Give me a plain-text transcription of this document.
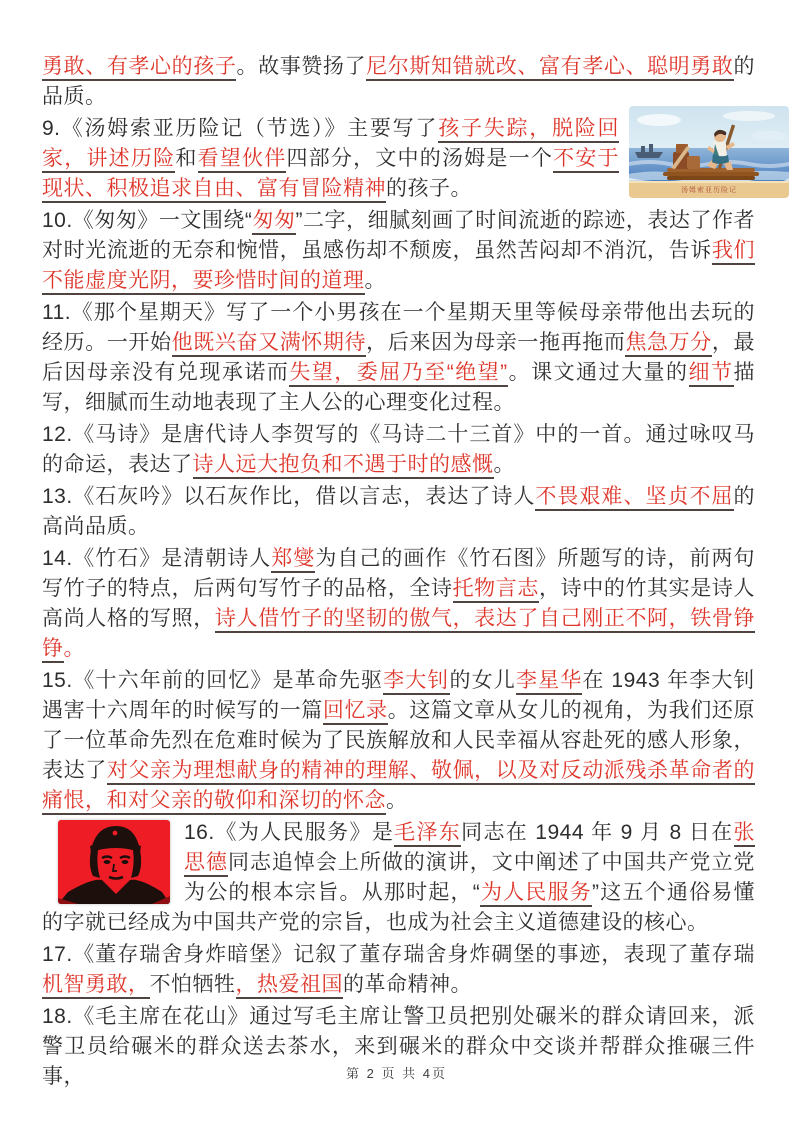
勇敢、有孝心的孩子。故事赞扬了尼尔斯知错就改、富有孝心、聪明勇敢的品质。

汤姆索亚历险记
9.《汤姆索亚历险记（节选）》主要写了孩子失踪，脱险回家，讲述历险和看望伙伴四部分，文中的汤姆是一个不安于现状、积极追求自由、富有冒险精神的孩子。

10.《匆匆》一文围绕“匆匆”二字，细腻刻画了时间流逝的踪迹，表达了作者对时光流逝的无奈和惋惜，虽感伤却不颓废，虽然苦闷却不消沉，告诉我们不能虚度光阴，要珍惜时间的道理。

11.《那个星期天》写了一个小男孩在一个星期天里等候母亲带他出去玩的经历。一开始他既兴奋又满怀期待，后来因为母亲一拖再拖而焦急万分，最后因母亲没有兑现承诺而失望，委屈乃至“绝望”。课文通过大量的细节描写，细腻而生动地表现了主人公的心理变化过程。

12.《马诗》是唐代诗人李贺写的《马诗二十三首》中的一首。通过咏叹马的命运，表达了诗人远大抱负和不遇于时的感慨。

13.《石灰吟》以石灰作比，借以言志，表达了诗人不畏艰难、坚贞不屈的高尚品质。

14.《竹石》是清朝诗人郑燮为自己的画作《竹石图》所题写的诗，前两句写竹子的特点，后两句写竹子的品格，全诗托物言志，诗中的竹其实是诗人高尚人格的写照，诗人借竹子的坚韧的傲气，表达了自己刚正不阿，铁骨铮铮。

15.《十六年前的回忆》是革命先驱李大钊的女儿李星华在 1943 年李大钊遇害十六周年的时候写的一篇回忆录。这篇文章从女儿的视角，为我们还原了一位革命先烈在危难时候为了民族解放和人民幸福从容赴死的感人形象，表达了对父亲为理想献身的精神的理解、敬佩，以及对反动派残杀革命者的痛恨，和对父亲的敬仰和深切的怀念。

16.《为人民服务》是毛泽东同志在 1944 年 9 月 8 日在张思德同志追悼会上所做的演讲，文中阐述了中国共产党立党为公的根本宗旨。从那时起，“为人民服务”这五个通俗易懂的字就已经成为中国共产党的宗旨，也成为社会主义道德建设的核心。

17.《董存瑞舍身炸暗堡》记叙了董存瑞舍身炸碉堡的事迹，表现了董存瑞机智勇敢，不怕牺牲，热爱祖国的革命精神。

18.《毛主席在花山》通过写毛主席让警卫员把别处碾米的群众请回来，派警卫员给碾米的群众送去茶水，来到碾米的群众中交谈并帮群众推碾三件事，	第 2 页 共 4页
